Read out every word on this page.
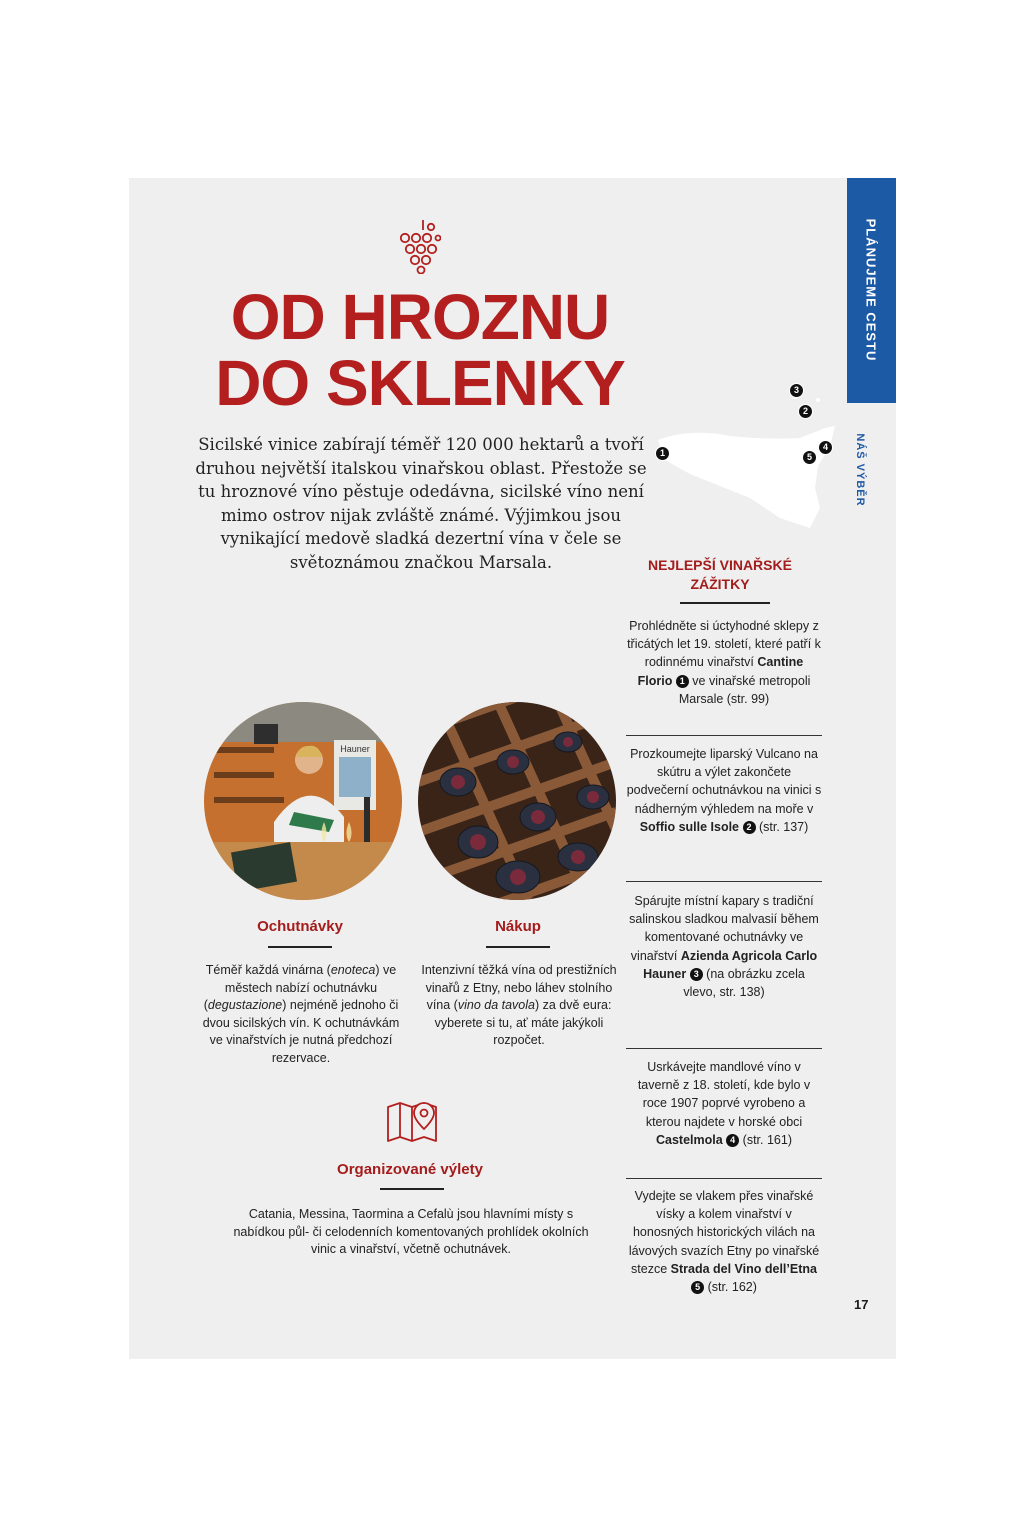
PLÁNUJEME CESTU
NÁŠ VÝBĚR
OD HROZNU
DO SKLENKY

Sicilské vinice zabírají téměř 120 000 hektarů a tvoří druhou největší italskou vinařskou oblast. Přestože se tu hroznové víno pěstuje odedávna, sicilské víno není mimo ostrov nijak zvláště známé. Výjimkou jsou vynikající medově sladká dezertní vína v čele se světoznámou značkou Marsala.

1
2
3
4
5
Hauner
Ochutnávky

Téměř každá vinárna (enoteca) ve městech nabízí ochutnávku (degustazione) nejméně jednoho či dvou sicilských vín. K ochutnávkám ve vinařstvích je nutná předchozí rezervace.

Nákup

Intenzivní těžká vína od prestižních vinařů z Etny, nebo láhev stolního vína (vino da tavola) za dvě eura: vyberete si tu, ať máte jakýkoli rozpočet.

Organizované výlety

Catania, Messina, Taormina a Cefalù jsou hlavními místy s nabídkou půl- či celodenních komentovaných prohlídek okolních vinic a vinařství, včetně ochutnávek.

NEJLEPŠÍ VINAŘSKÉ ZÁŽITKY

Prohlédněte si úctyhodné sklepy z třicátých let 19. století, které patří k rodinnému vinařství Cantine Florio 1 ve vinařské metropoli Marsale (str. 99)

Prozkoumejte liparský Vulcano na skútru a výlet zakončete podvečerní ochutnávkou na vinici s nádherným výhledem na moře v Soffio sulle Isole 2 (str. 137)

Spárujte místní kapary s tradiční salinskou sladkou malvasií během komentované ochutnávky ve vinařství Azienda Agricola Carlo Hauner 3 (na obrázku zcela vlevo, str. 138)

Usrkávejte mandlové víno v taverně z 18. století, kde bylo v roce 1907 poprvé vyrobeno a kterou najdete v horské obci Castelmola 4 (str. 161)

Vydejte se vlakem přes vinařské vísky a kolem vinařství v honosných historických vilách na lávových svazích Etny po vinařské stezce Strada del Vino dell’Etna 5 (str. 162)

17
